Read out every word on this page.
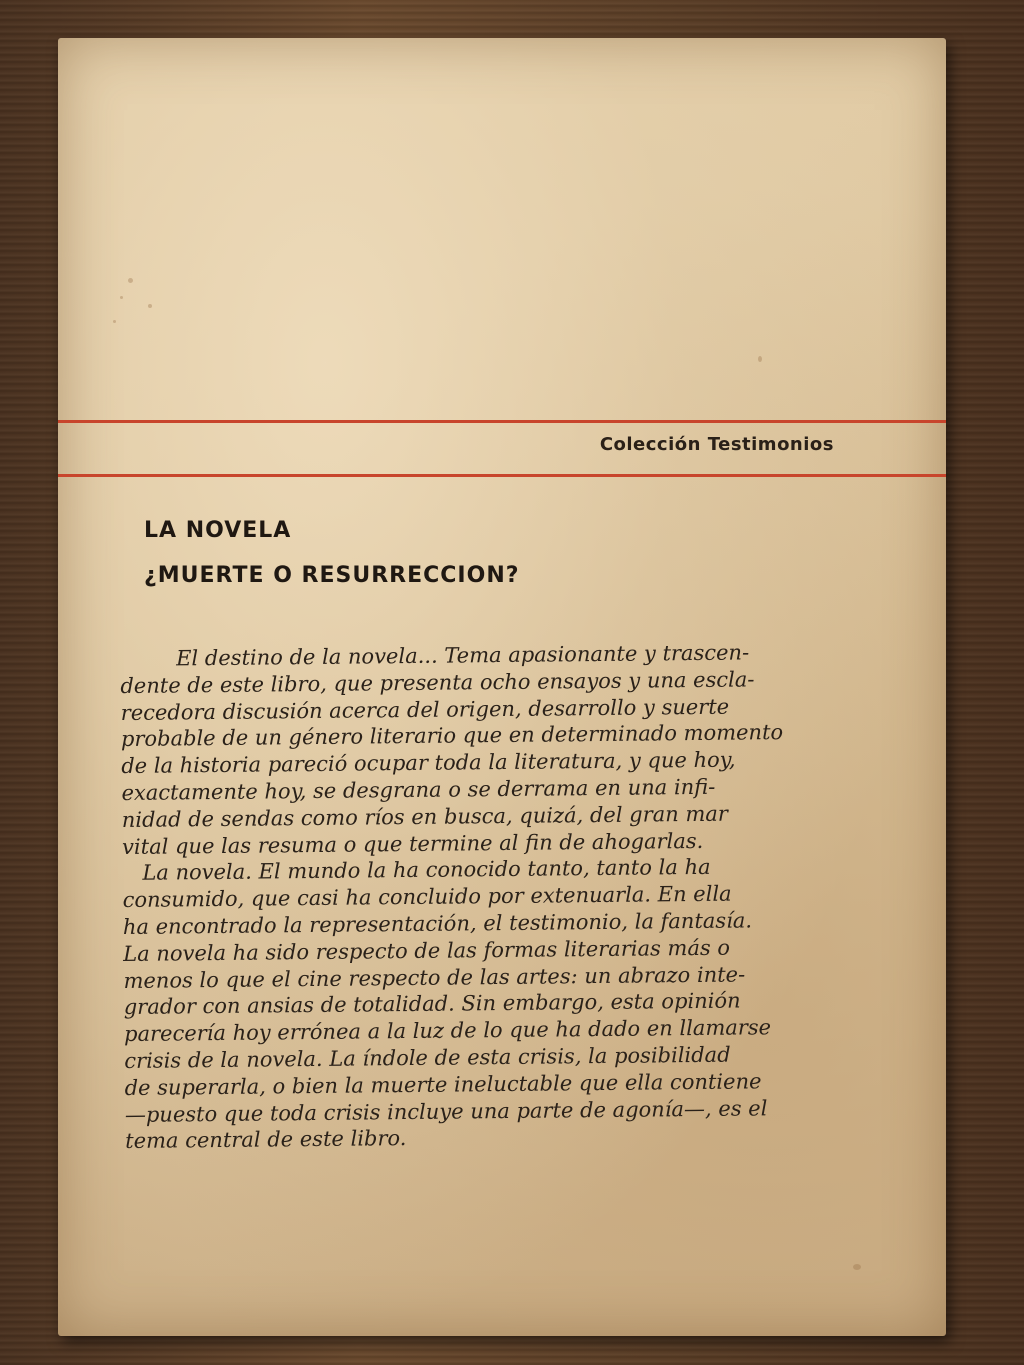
Colección Testimonios
LA NOVELA
¿MUERTE O RESURRECCION?
El destino de la novela... Tema apasionante y trascen-
dente de este libro, que presenta ocho ensayos y una escla-
recedora discusión acerca del origen, desarrollo y suerte
probable de un género literario que en determinado momento
de la historia pareció ocupar toda la literatura, y que hoy,
exactamente hoy, se desgrana o se derrama en una infi-
nidad de sendas como ríos en busca, quizá, del gran mar
vital que las resuma o que termine al fin de ahogarlas.
La novela. El mundo la ha conocido tanto, tanto la ha
consumido, que casi ha concluido por extenuarla. En ella
ha encontrado la representación, el testimonio, la fantasía.
La novela ha sido respecto de las formas literarias más o
menos lo que el cine respecto de las artes: un abrazo inte-
grador con ansias de totalidad. Sin embargo, esta opinión
parecería hoy errónea a la luz de lo que ha dado en llamarse
crisis de la novela. La índole de esta crisis, la posibilidad
de superarla, o bien la muerte ineluctable que ella contiene
—puesto que toda crisis incluye una parte de agonía—, es el
tema central de este libro.
